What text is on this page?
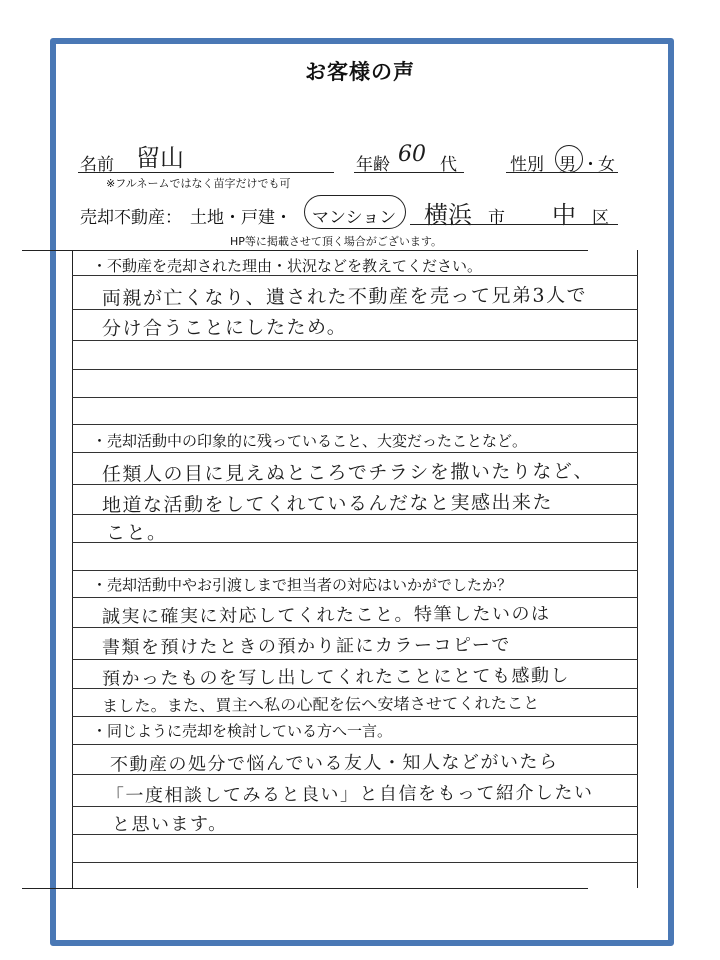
お客様の声
名前 留山	年齢 60 代	性別 男 ・ 女
※フルネームではなく苗字だけでも可
売却不動産： 土地・戸建・ マンション 横浜 市 中 区
HP等に掲載させて頂く場合がございます。
・不動産を売却された理由・状況などを教えてください。
両親が亡くなり、遺された不動産を売って兄弟3人で
分け合うことにしたため。
・売却活動中の印象的に残っていること、大変だったことなど。
任類人の目に見えぬところでチラシを撒いたりなど、
地道な活動をしてくれているんだなと実感出来た
こと。
・売却活動中やお引渡しまで担当者の対応はいかがでしたか？
誠実に確実に対応してくれたこと。特筆したいのは
書類を預けたときの預かり証にカラーコピーで
預かったものを写し出してくれたことにとても感動し
ました。また、買主へ私の心配を伝へ安堵させてくれたこと
・同じように売却を検討している方へ一言。
不動産の処分で悩んでいる友人・知人などがいたら
「一度相談してみると良い」と自信をもって紹介したい
と思います。
